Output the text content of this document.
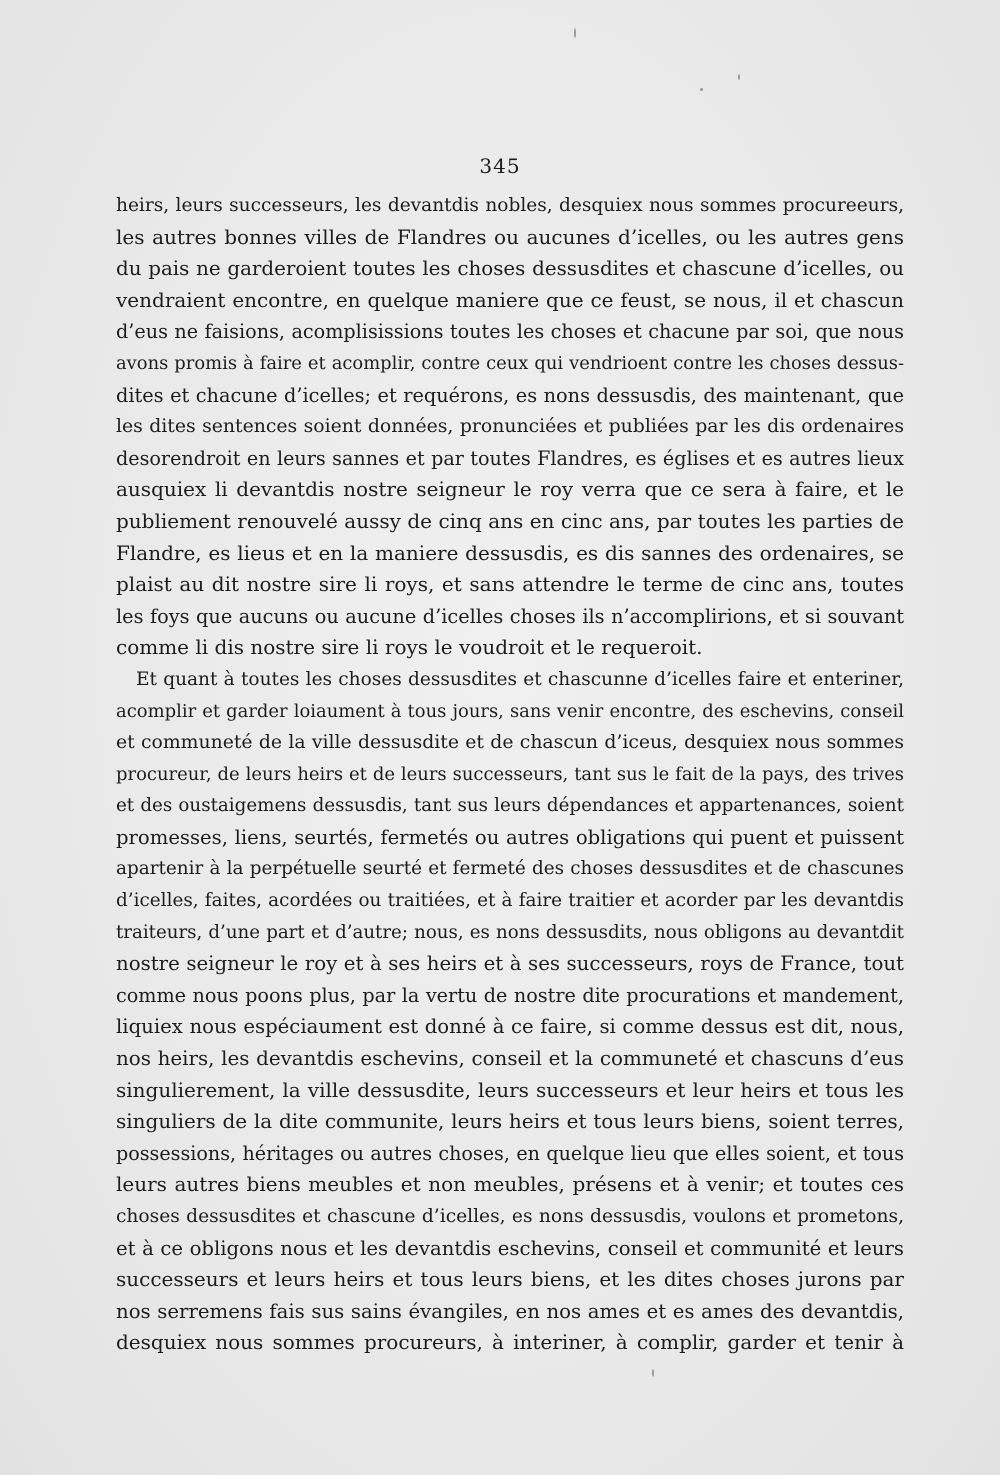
345
heirs, leurs successeurs, les devantdis nobles, desquiex nous sommes procureeurs,
les autres bonnes villes de Flandres ou aucunes d’icelles, ou les autres gens
du pais ne garderoient toutes les choses dessusdites et chascune d’icelles, ou
vendraient encontre, en quelque maniere que ce feust, se nous, il et chascun
d’eus ne faisions, acomplisissions toutes les choses et chacune par soi, que nous
avons promis à faire et acomplir, contre ceux qui vendrioent contre les choses dessus-
dites et chacune d’icelles; et requérons, es nons dessusdis, des maintenant, que
les dites sentences soient données, pronunciées et publiées par les dis ordenaires
desorendroit en leurs sannes et par toutes Flandres, es églises et es autres lieux
ausquiex li devantdis nostre seigneur le roy verra que ce sera à faire, et le
publiement renouvelé aussy de cinq ans en cinc ans, par toutes les parties de
Flandre, es lieus et en la maniere dessusdis, es dis sannes des ordenaires, se
plaist au dit nostre sire li roys, et sans attendre le terme de cinc ans, toutes
les foys que aucuns ou aucune d’icelles choses ils n’accomplirions, et si souvant
comme li dis nostre sire li roys le voudroit et le requeroit.
Et quant à toutes les choses dessusdites et chascunne d’icelles faire et enteriner,
acomplir et garder loiaument à tous jours, sans venir encontre, des eschevins, conseil
et communeté de la ville dessusdite et de chascun d’iceus, desquiex nous sommes
procureur, de leurs heirs et de leurs successeurs, tant sus le fait de la pays, des trives
et des oustaigemens dessusdis, tant sus leurs dépendances et appartenances, soient
promesses, liens, seurtés, fermetés ou autres obligations qui puent et puissent
apartenir à la perpétuelle seurté et fermeté des choses dessusdites et de chascunes
d’icelles, faites, acordées ou traitiées, et à faire traitier et acorder par les devantdis
traiteurs, d’une part et d’autre; nous, es nons dessusdits, nous obligons au devantdit
nostre seigneur le roy et à ses heirs et à ses successeurs, roys de France, tout
comme nous poons plus, par la vertu de nostre dite procurations et mandement,
liquiex nous espéciaument est donné à ce faire, si comme dessus est dit, nous,
nos heirs, les devantdis eschevins, conseil et la communeté et chascuns d’eus
singulierement, la ville dessusdite, leurs successeurs et leur heirs et tous les
singuliers de la dite communite, leurs heirs et tous leurs biens, soient terres,
possessions, héritages ou autres choses, en quelque lieu que elles soient, et tous
leurs autres biens meubles et non meubles, présens et à venir; et toutes ces
choses dessusdites et chascune d’icelles, es nons dessusdis, voulons et prometons,
et à ce obligons nous et les devantdis eschevins, conseil et communité et leurs
successeurs et leurs heirs et tous leurs biens, et les dites choses jurons par
nos serremens fais sus sains évangiles, en nos ames et es ames des devantdis,
desquiex nous sommes procureurs, à interiner, à complir, garder et tenir à
